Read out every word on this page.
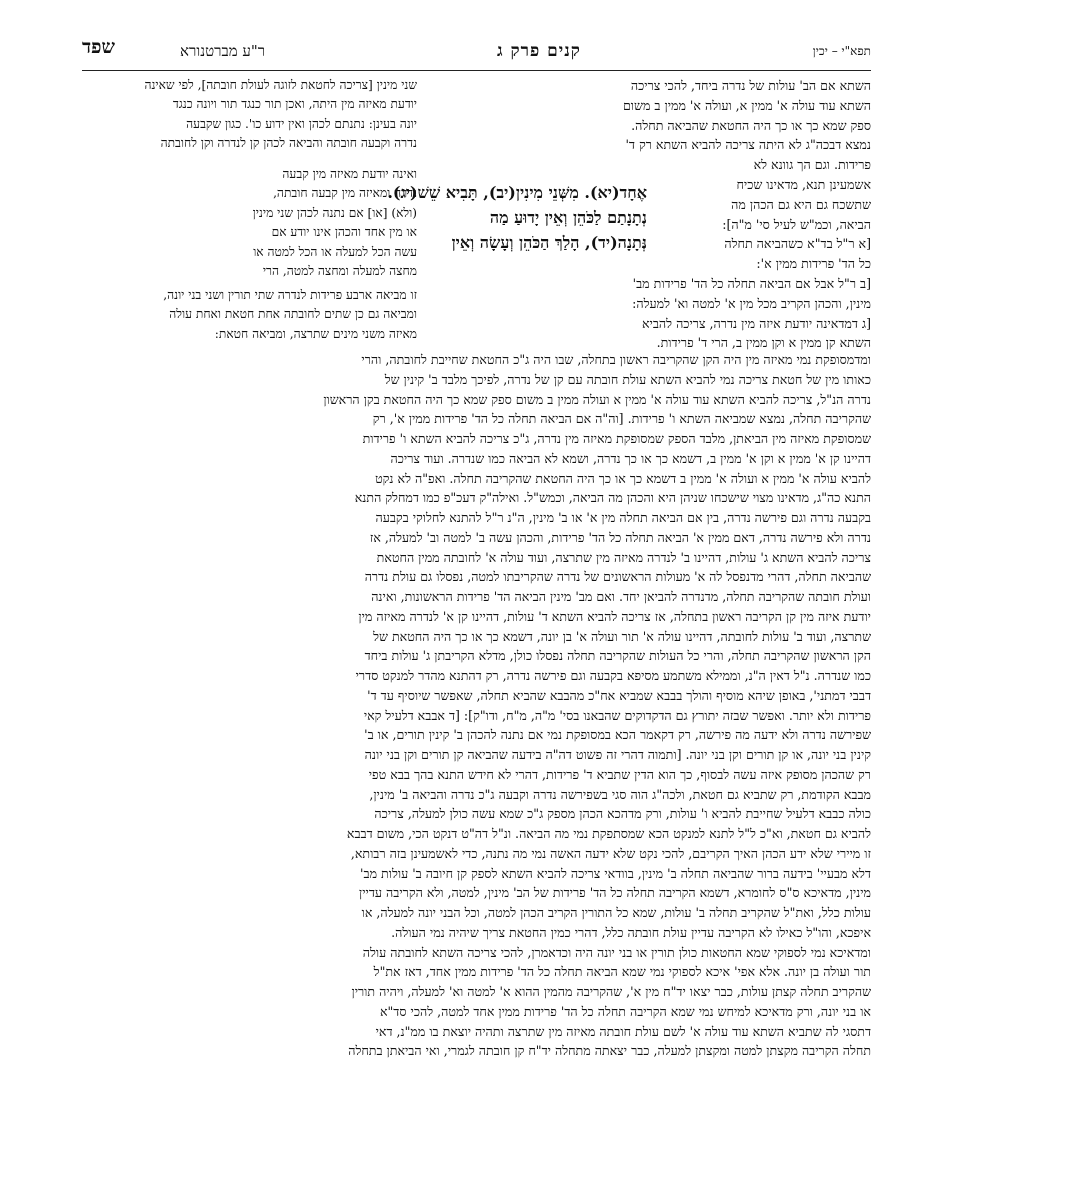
שפד	תפא"י – יכין
קנים פרק ג
ר"ע מברטנורא
השתא אם הב' עולות של נדרה ביחד, להכי צריכה
השתא עוד עולה א' ממין א, ועולה א' ממין ב משום
ספק שמא כך או כך היה החטאת שהביאה תחלה.
נמצא דבכה"ג לא היתה צריכה להביא השתא רק ד'
פרידות. וגם הך גוונא לא
אשמעינן תנא, מדאינו שכיח
שתשכח גם היא גם הכהן מה
הביאה, וכמ"ש לעיל סי' מ"ה]:
[א ר"ל בד"א כשהביאה תחלה
כל הד' פרידות ממין א':
[ב ר"ל אבל אם הביאה תחלה כל הד' פרידות מב'
מינין, והכהן הקריב מכל מין א' למטה וא' למעלה:
[ג דמדאינה יודעת איזה מין נדרה, צריכה להביא
השתא קן ממין א וקן ממין ב, הרי ד' פרידות.
אֶחָד(יא). מִשְּׁנֵי מִינִין(יב), תָּבִיא שֵׁשׁ(יג).
נְתָנָתַם לַכֹּהֵן וְאֵין יָדוּעַ מַה
נְּתָנָה(יד), הָלַךְ הַכֹּהֵן וְעָשָׂה וְאֵין
שני מינין [צריכה לחטאת לזוגה לעולת חובתה], לפי שאינה
יודעת מאיזה מין היתה, ואכן תור כנגד תור ויונה כנגד
יונה בעינן: נתנתם לכהן ואין ידוע כו'. כגון שקבעה
נדרה וקבעה חובתה והביאה לכהן קן לנדרה וקן לחובתה
ואינה יודעת מאיזה מין קבעה
נדרה ומאיזה מין קבעה חובתה,
(ולא) [או] אם נתנה לכהן שני מינין
או מין אחד והכהן אינו יודע אם
עשה הכל למעלה או הכל למטה או
מחצה למעלה ומחצה למטה, הרי
זו מביאה ארבע פרידות לנדרה שתי תורין ושני בני יונה,
ומביאה גם כן שתים לחובתה אחת חטאת ואחת עולה
מאיזה משני מינים שתרצה, ומביאה חטאת:
ומדמסופקת נמי מאיזה מין היה הקן שהקריבה ראשון בתחלה, שבו היה ג"כ החטאת שחייבת לחובתה, והרי
כאותו מין של חטאת צריכה נמי להביא השתא עולת חובתה עם קן של נדרה, לפיכך מלבד ב' קינין של
נדרה הנ"ל, צריכה להביא השתא עוד עולה א' ממין א ועולה ממין ב משום ספק שמא כך היה החטאת בקן הראשון
שהקריבה תחלה, נמצא שמביאה השתא ו' פרידות. [וה"ה אם הביאה תחלה כל הד' פרידות ממין א', רק
שמסופקת מאיזה מין הביאתן, מלבד הספק שמסופקת מאיזה מין נדרה, ג"כ צריכה להביא השתא ו' פרידות
דהיינו קן א' ממין א וקן א' ממין ב, דשמא כך או כך נדרה, ושמא לא הביאה כמו שנדרה. ועוד צריכה
להביא עולה א' ממין א ועולה א' ממין ב דשמא כך או כך היה החטאת שהקריבה תחלה. ואפ"ה לא נקט
התנא כה"ג, מדאינו מצוי שישכחו שניהן היא והכהן מה הביאה, וכמש"ל. ואילה"ק דעכ"פ כמו דמחלק התנא
בקבעה נדרה וגם פירשה נדרה, בין אם הביאה תחלה מין א' או ב' מינין, ה"נ ר"ל להתנא לחלוקי בקבעה
נדרה ולא פירשה נדרה, דאם ממין א' הביאה תחלה כל הד' פרידות, והכהן עשה ב' למטה וב' למעלה, אז
צריכה להביא השתא ג' עולות, דהיינו ב' לנדרה מאיזה מין שתרצה, ועוד עולה א' לחובתה ממין החטאת
שהביאה תחלה, דהרי מדנפסל לה א' מעולות הראשונים של נדרה שהקריבתו למטה, נפסלו גם עולת נדרה
ועולת חובתה שהקריבה תחלה, מדנדרה להביאן יחד. ואם מב' מינין הביאה הד' פרידות הראשונות, ואינה
יודעת איזה מין קן הקריבה ראשון בתחלה, אז צריכה להביא השתא ד' עולות, דהיינו קן א' לנדרה מאיזה מין
שתרצה, ועוד ב' עולות לחובתה, דהיינו עולה א' תור ועולה א' בן יונה, דשמא כך או כך היה החטאת של
הקן הראשון שהקריבה תחלה, והרי כל העולות שהקריבה תחלה נפסלו כולן, מדלא הקריבתן ג' עולות ביחד
כמו שנדרה. נ"ל דאין ה"נ, וממילא משתמע מסיפא בקבעה וגם פירשה נדרה, רק דהתנא מהדר למנקט סדרי
דבבי דמתני', באופן שיהא מוסיף והולך בבבא שמביא אח"כ מהבבא שהביא תחלה, שאפשר שיוסיף עד ד'
פרידות ולא יותר. ואפשר שבזה יתורץ גם הדקדוקים שהבאנו בסי' מ"ה, מ"ח, ודו"ק]: [ד אבבא דלעיל קאי
שפירשה נדרה ולא ידעה מה פירשה, רק דקאמר הכא במסופקת נמי אם נתנה להכהן ב' קינין תורים, או ב'
קינין בני יונה, או קן תורים וקן בני יונה. [ותמוה דהרי זה פשוט דה"ה בידעה שהביאה קן תורים וקן בני יונה
רק שהכהן מסופק איזה עשה לבסוף, כך הוא הדין שתביא ד' פרידות, דהרי לא חידש התנא בהך בבא טפי
מבבא הקודמת, רק שתביא גם חטאת, ולכה"ג הוה סגי בשפירשה נדרה וקבעה ג"כ נדרה והביאה ב' מינין,
כולה כבבא דלעיל שחייבת להביא ו' עולות, ורק מדהכא הכהן מספק ג"כ שמא עשה כולן למעלה, צריכה
להביא גם חטאת, וא"כ ל"ל לתנא למנקט הכא שמסתפקת נמי מה הביאה. ונ"ל דה"ט דנקט הכי, משום דבבא
זו מיירי שלא ידע הכהן האיך הקריבם, להכי נקט שלא ידעה האשה נמי מה נתנה, כדי לאשמעינן בזה רבותא,
דלא מבעיי' בידעה ברור שהביאה תחלה ב' מינין, בוודאי צריכה להביא השתא לספק קן חיובה ב' עולות מב'
מינין, מדאיכא ס"ס לחומרא, דשמא הקריבה תחלה כל הד' פרידות של הב' מינין, למטה, ולא הקריבה עדיין
עולות כלל, ואת"ל שהקריב תחלה ב' עולות, שמא כל התורין הקריב הכהן למטה, וכל הבני יונה למעלה, או
איפכא, והו"ל כאילו לא הקריבה עדיין עולת חובתה כלל, דהרי כמין החטאת צריך שיהיה נמי העולה.
ומדאיכא נמי לספוקי שמא החטאות כולן תורין או בני יונה היה וכדאמרן, להכי צריכה השתא לחובתה עולה
תור ועולה בן יונה. אלא אפי' איכא לספוקי נמי שמא הביאה תחלה כל הד' פרידות ממין אחד, דאז את"ל
שהקריב תחלה קצתן עולות, כבר יצאו יד"ח מין א', שהקריבה מהמין ההוא א' למטה וא' למעלה, ויהיה תורין
או בני יונה, ורק מדאיכא למיחש נמי שמא הקריבה תחלה כל הד' פרידות ממין אחד למטה, להכי סד"א
דתסגי לה שתביא השתא עוד עולה א' לשם עולת חובתה מאיזה מין שתרצה ותהיה יוצאת בו ממ"נ, דאי
תחלה הקריבה מקצתן למטה ומקצתן למעלה, כבר יצאתה מתחלה יד"ח קן חובתה לגמרי, ואי הביאתן בתחלה
